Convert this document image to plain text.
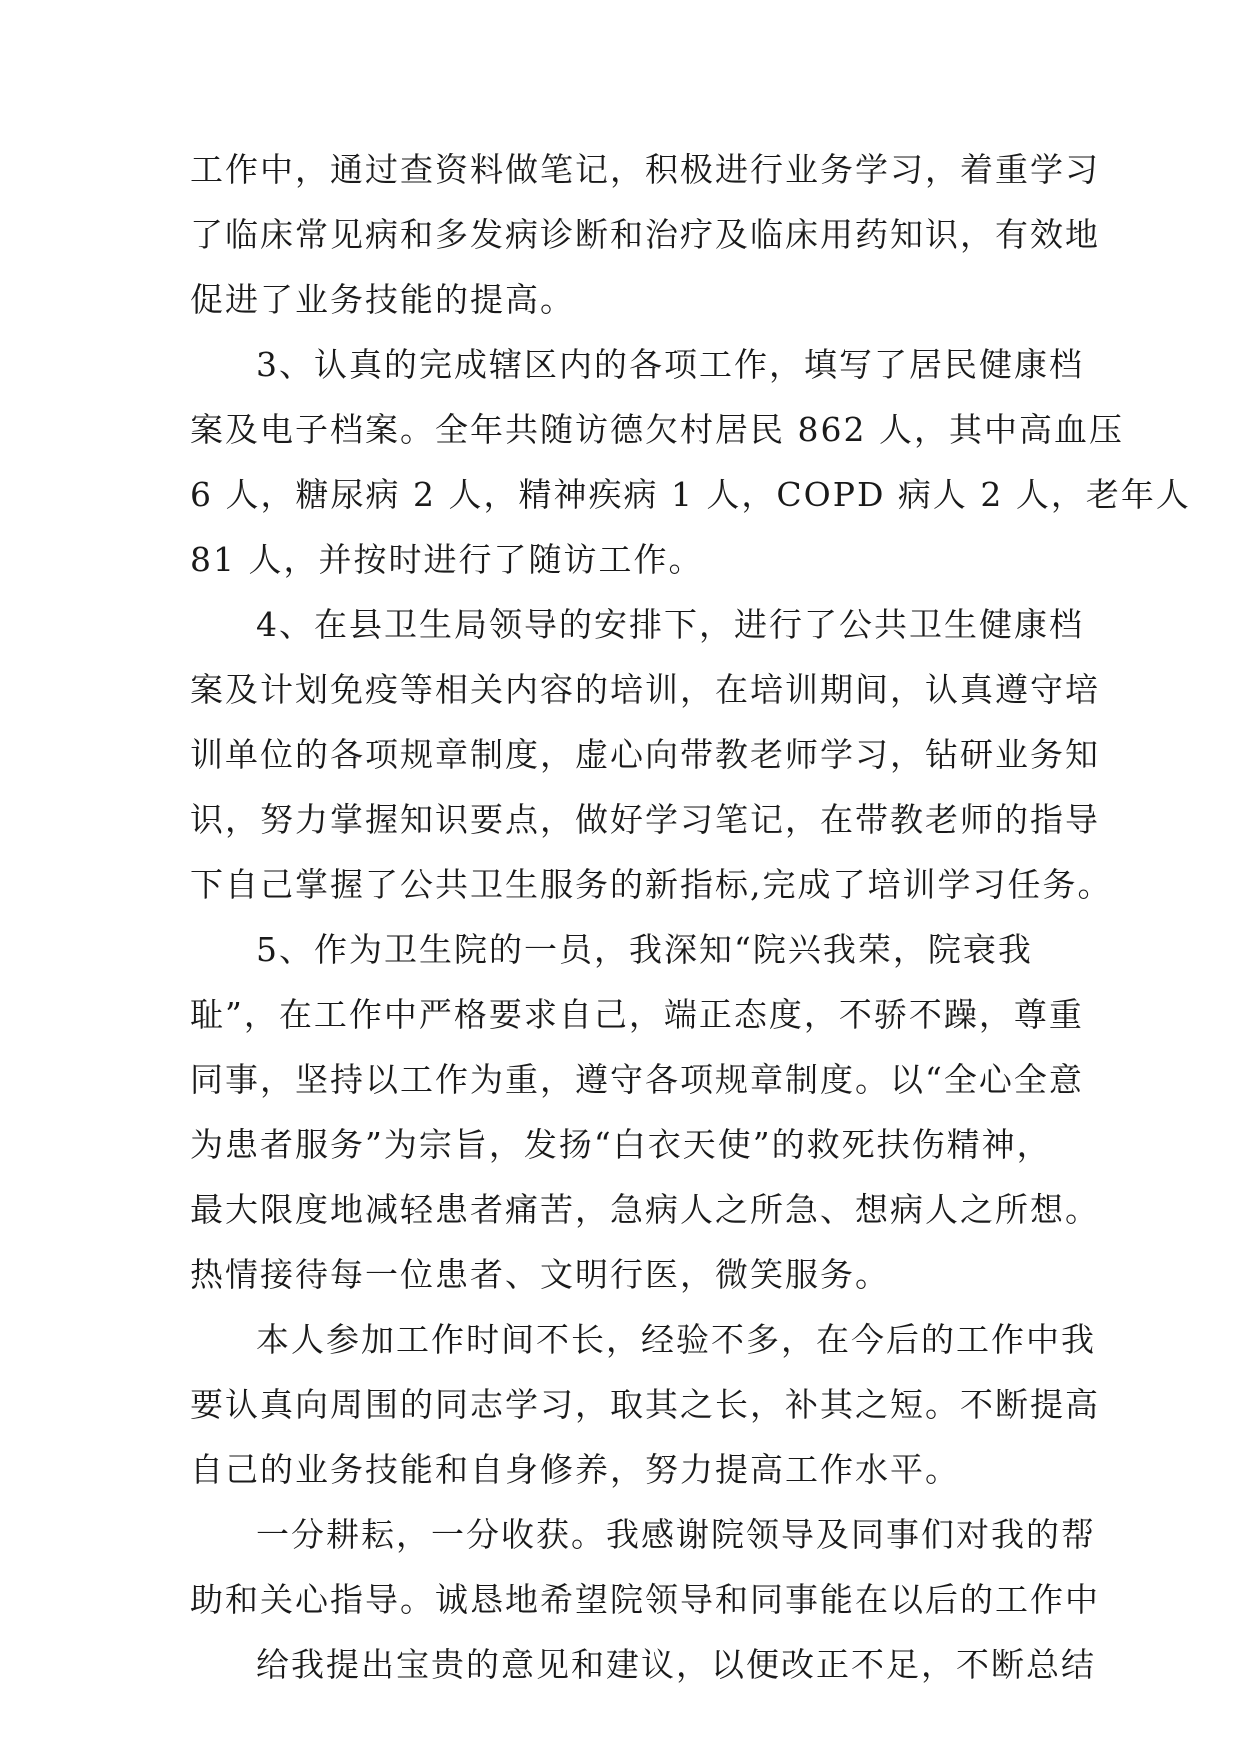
工作中，通过查资料做笔记，积极进行业务学习，着重学习
了临床常见病和多发病诊断和治疗及临床用药知识，有效地
促进了业务技能的提高。
3、认真的完成辖区内的各项工作，填写了居民健康档
案及电子档案。全年共随访德欠村居民 862 人，其中高血压
6 人，糖尿病 2 人，精神疾病 1 人，COPD 病人 2 人，老年人
81 人，并按时进行了随访工作。
4、在县卫生局领导的安排下，进行了公共卫生健康档
案及计划免疫等相关内容的培训，在培训期间，认真遵守培
训单位的各项规章制度，虚心向带教老师学习，钻研业务知
识，努力掌握知识要点，做好学习笔记，在带教老师的指导
下自己掌握了公共卫生服务的新指标,完成了培训学习任务。
5、作为卫生院的一员，我深知“院兴我荣，院衰我
耻”，在工作中严格要求自己，端正态度，不骄不躁，尊重
同事，坚持以工作为重，遵守各项规章制度。以“全心全意
为患者服务”为宗旨，发扬“白衣天使”的救死扶伤精神，
最大限度地减轻患者痛苦，急病人之所急、想病人之所想。
热情接待每一位患者、文明行医，微笑服务。
本人参加工作时间不长，经验不多，在今后的工作中我
要认真向周围的同志学习，取其之长，补其之短。不断提高
自己的业务技能和自身修养，努力提高工作水平。
一分耕耘，一分收获。我感谢院领导及同事们对我的帮
助和关心指导。诚恳地希望院领导和同事能在以后的工作中
给我提出宝贵的意见和建议，以便改正不足，不断总结
